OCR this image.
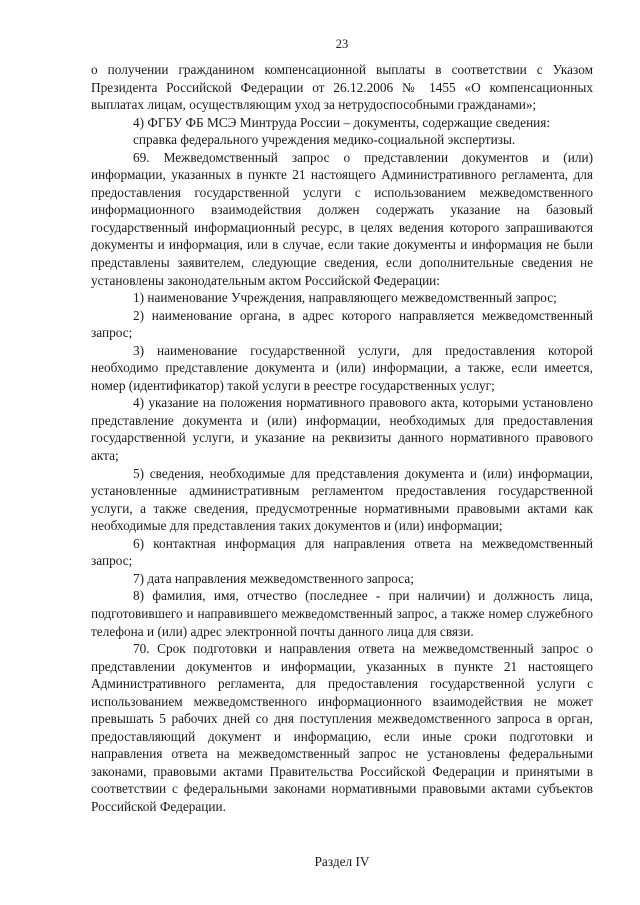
23

о получении гражданином компенсационной выплаты в соответствии с Указом Президента Российской Федерации от 26.12.2006 № 1455 «О компенсационных выплатах лицам, осуществляющим уход за нетрудоспособными гражданами»;

4) ФГБУ ФБ МСЭ Минтруда России – документы, содержащие сведения:

справка федерального учреждения медико-социальной экспертизы.

69. Межведомственный запрос о представлении документов и (или) информации, указанных в пункте 21 настоящего Административного регламента, для предоставления государственной услуги с использованием межведомственного информационного взаимодействия должен содержать указание на базовый государственный информационный ресурс, в целях ведения которого запрашиваются документы и информация, или в случае, если такие документы и информация не были представлены заявителем, следующие сведения, если дополнительные сведения не установлены законодательным актом Российской Федерации:

1) наименование Учреждения, направляющего межведомственный запрос;

2) наименование органа, в адрес которого направляется межведомственный запрос;

3) наименование государственной услуги, для предоставления которой необходимо представление документа и (или) информации, а также, если имеется, номер (идентификатор) такой услуги в реестре государственных услуг;

4) указание на положения нормативного правового акта, которыми установлено представление документа и (или) информации, необходимых для предоставления государственной услуги, и указание на реквизиты данного нормативного правового акта;

5) сведения, необходимые для представления документа и (или) информации, установленные административным регламентом предоставления государственной услуги, а также сведения, предусмотренные нормативными правовыми актами как необходимые для представления таких документов и (или) информации;

6) контактная информация для направления ответа на межведомственный запрос;

7) дата направления межведомственного запроса;

8) фамилия, имя, отчество (последнее - при наличии) и должность лица, подготовившего и направившего межведомственный запрос, а также номер служебного телефона и (или) адрес электронной почты данного лица для связи.

70. Срок подготовки и направления ответа на межведомственный запрос о представлении документов и информации, указанных в пункте 21 настоящего Административного регламента, для предоставления государственной услуги с использованием межведомственного информационного взаимодействия не может превышать 5 рабочих дней со дня поступления межведомственного запроса в орган, предоставляющий документ и информацию, если иные сроки подготовки и направления ответа на межведомственный запрос не установлены федеральными законами, правовыми актами Правительства Российской Федерации и принятыми в соответствии с федеральными законами нормативными правовыми актами субъектов Российской Федерации.

Раздел IV
